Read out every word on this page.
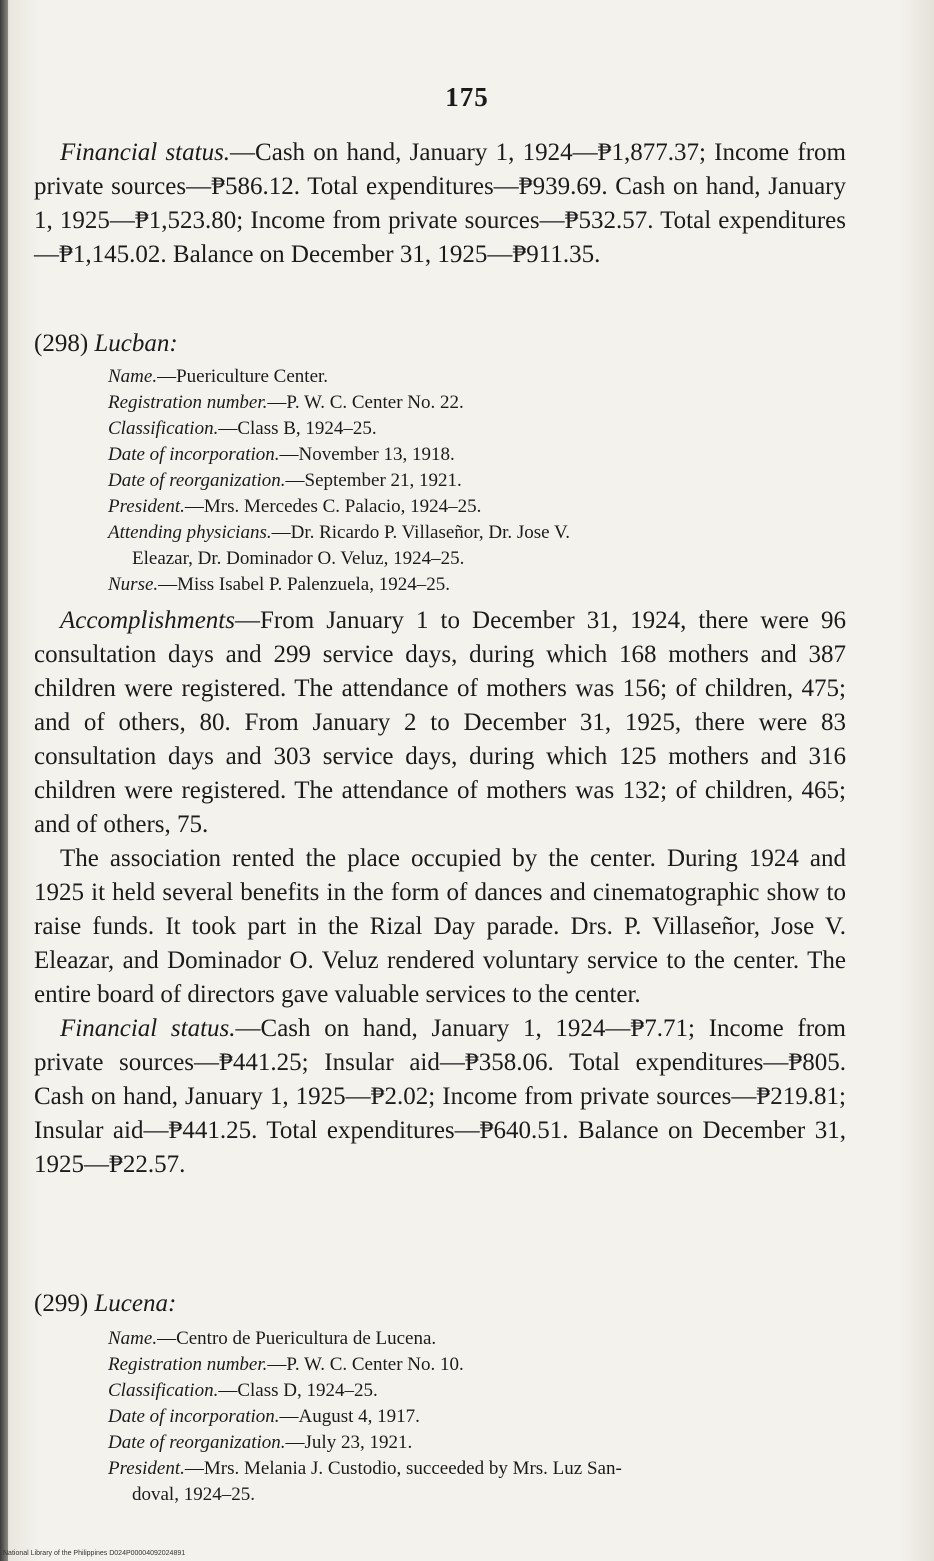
175

Financial status.—Cash on hand, January 1, 1924—₱1,877.37; Income from private sources—₱586.12. Total expenditures—₱939.69. Cash on hand, January 1, 1925—₱1,523.80; Income from private sources—₱532.57. Total expenditures—₱1,145.02. Balance on December 31, 1925—₱911.35.

(298) Lucban:

Name.—Puericulture Center.

Registration number.—P. W. C. Center No. 22.

Classification.—Class B, 1924–25.

Date of incorporation.—November 13, 1918.

Date of reorganization.—September 21, 1921.

President.—Mrs. Mercedes C. Palacio, 1924–25.

Attending physicians.—Dr. Ricardo P. Villaseñor, Dr. Jose V.

Eleazar, Dr. Dominador O. Veluz, 1924–25.

Nurse.—Miss Isabel P. Palenzuela, 1924–25.

Accomplishments—From January 1 to December 31, 1924, there were 96 consultation days and 299 service days, during which 168 mothers and 387 children were registered. The attendance of mothers was 156; of children, 475; and of others, 80. From January 2 to December 31, 1925, there were 83 consultation days and 303 service days, during which 125 mothers and 316 children were registered. The attendance of mothers was 132; of children, 465; and of others, 75.

The association rented the place occupied by the center. During 1924 and 1925 it held several benefits in the form of dances and cinematographic show to raise funds. It took part in the Rizal Day parade. Drs. P. Villaseñor, Jose V. Eleazar, and Dominador O. Veluz rendered voluntary service to the center. The entire board of directors gave valuable services to the center.

Financial status.—Cash on hand, January 1, 1924—₱7.71; Income from private sources—₱441.25; Insular aid—₱358.06. Total expenditures—₱805. Cash on hand, January 1, 1925—₱2.02; Income from private sources—₱219.81; Insular aid—₱441.25. Total expenditures—₱640.51. Balance on December 31, 1925—₱22.57.

(299) Lucena:

Name.—Centro de Puericultura de Lucena.

Registration number.—P. W. C. Center No. 10.

Classification.—Class D, 1924–25.

Date of incorporation.—August 4, 1917.

Date of reorganization.—July 23, 1921.

President.—Mrs. Melania J. Custodio, succeeded by Mrs. Luz San-

doval, 1924–25.

National Library of the Philippines D024P00004092024891
